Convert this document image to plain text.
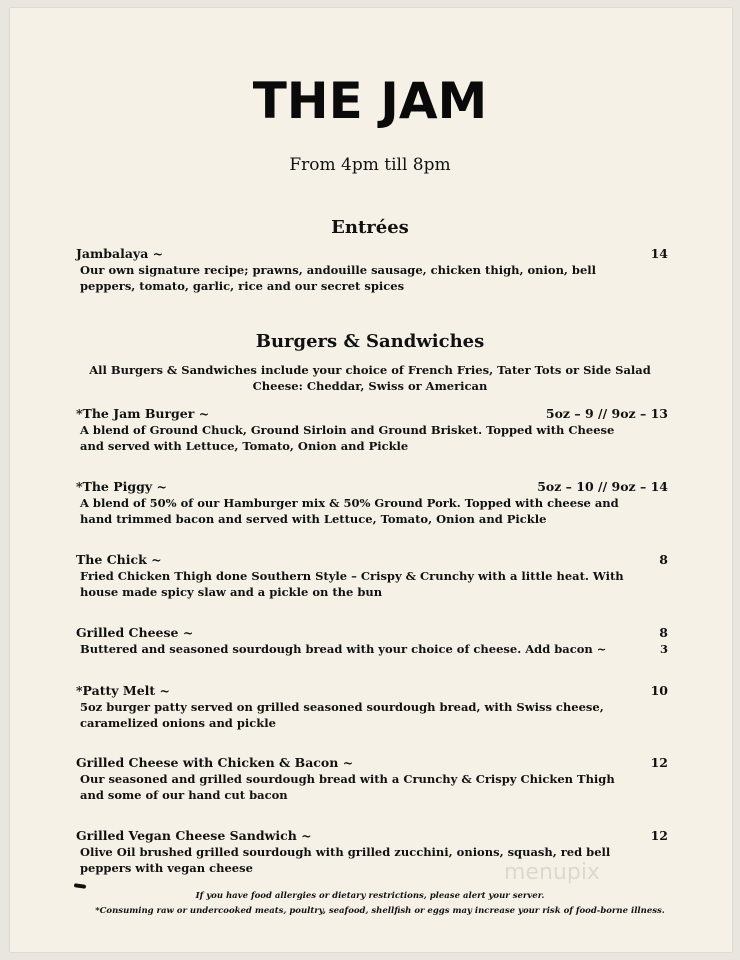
THE JAM
From 4pm till 8pm
Entrées
Jambalaya ~	14
Our own signature recipe; prawns, andouille sausage, chicken thigh, onion, bell peppers, tomato, garlic, rice and our secret spices
Burgers & Sandwiches
All Burgers & Sandwiches include your choice of French Fries, Tater Tots or Side Salad
Cheese: Cheddar, Swiss or American
*The Jam Burger ~	5oz – 9 // 9oz – 13
A blend of Ground Chuck, Ground Sirloin and Ground Brisket. Topped with Cheese and served with Lettuce, Tomato, Onion and Pickle
*The Piggy ~	5oz – 10 // 9oz – 14
A blend of 50% of our Hamburger mix & 50% Ground Pork. Topped with cheese and hand trimmed bacon and served with Lettuce, Tomato, Onion and Pickle
The Chick ~	8
Fried Chicken Thigh done Southern Style – Crispy & Crunchy with a little heat. With house made spicy slaw and a pickle on the bun
Grilled Cheese ~	8
Buttered and seasoned sourdough bread with your choice of cheese. Add bacon ~	3
*Patty Melt ~	10
5oz burger patty served on grilled seasoned sourdough bread, with Swiss cheese, caramelized onions and pickle
Grilled Cheese with Chicken & Bacon ~	12
Our seasoned and grilled sourdough bread with a Crunchy & Crispy Chicken Thigh and some of our hand cut bacon
Grilled Vegan Cheese Sandwich ~	12
Olive Oil brushed grilled sourdough with grilled zucchini, onions, squash, red bell peppers with vegan cheese	menupix
If you have food allergies or dietary restrictions, please alert your server.
*Consuming raw or undercooked meats, poultry, seafood, shellfish or eggs may increase your risk of food-borne illness.
